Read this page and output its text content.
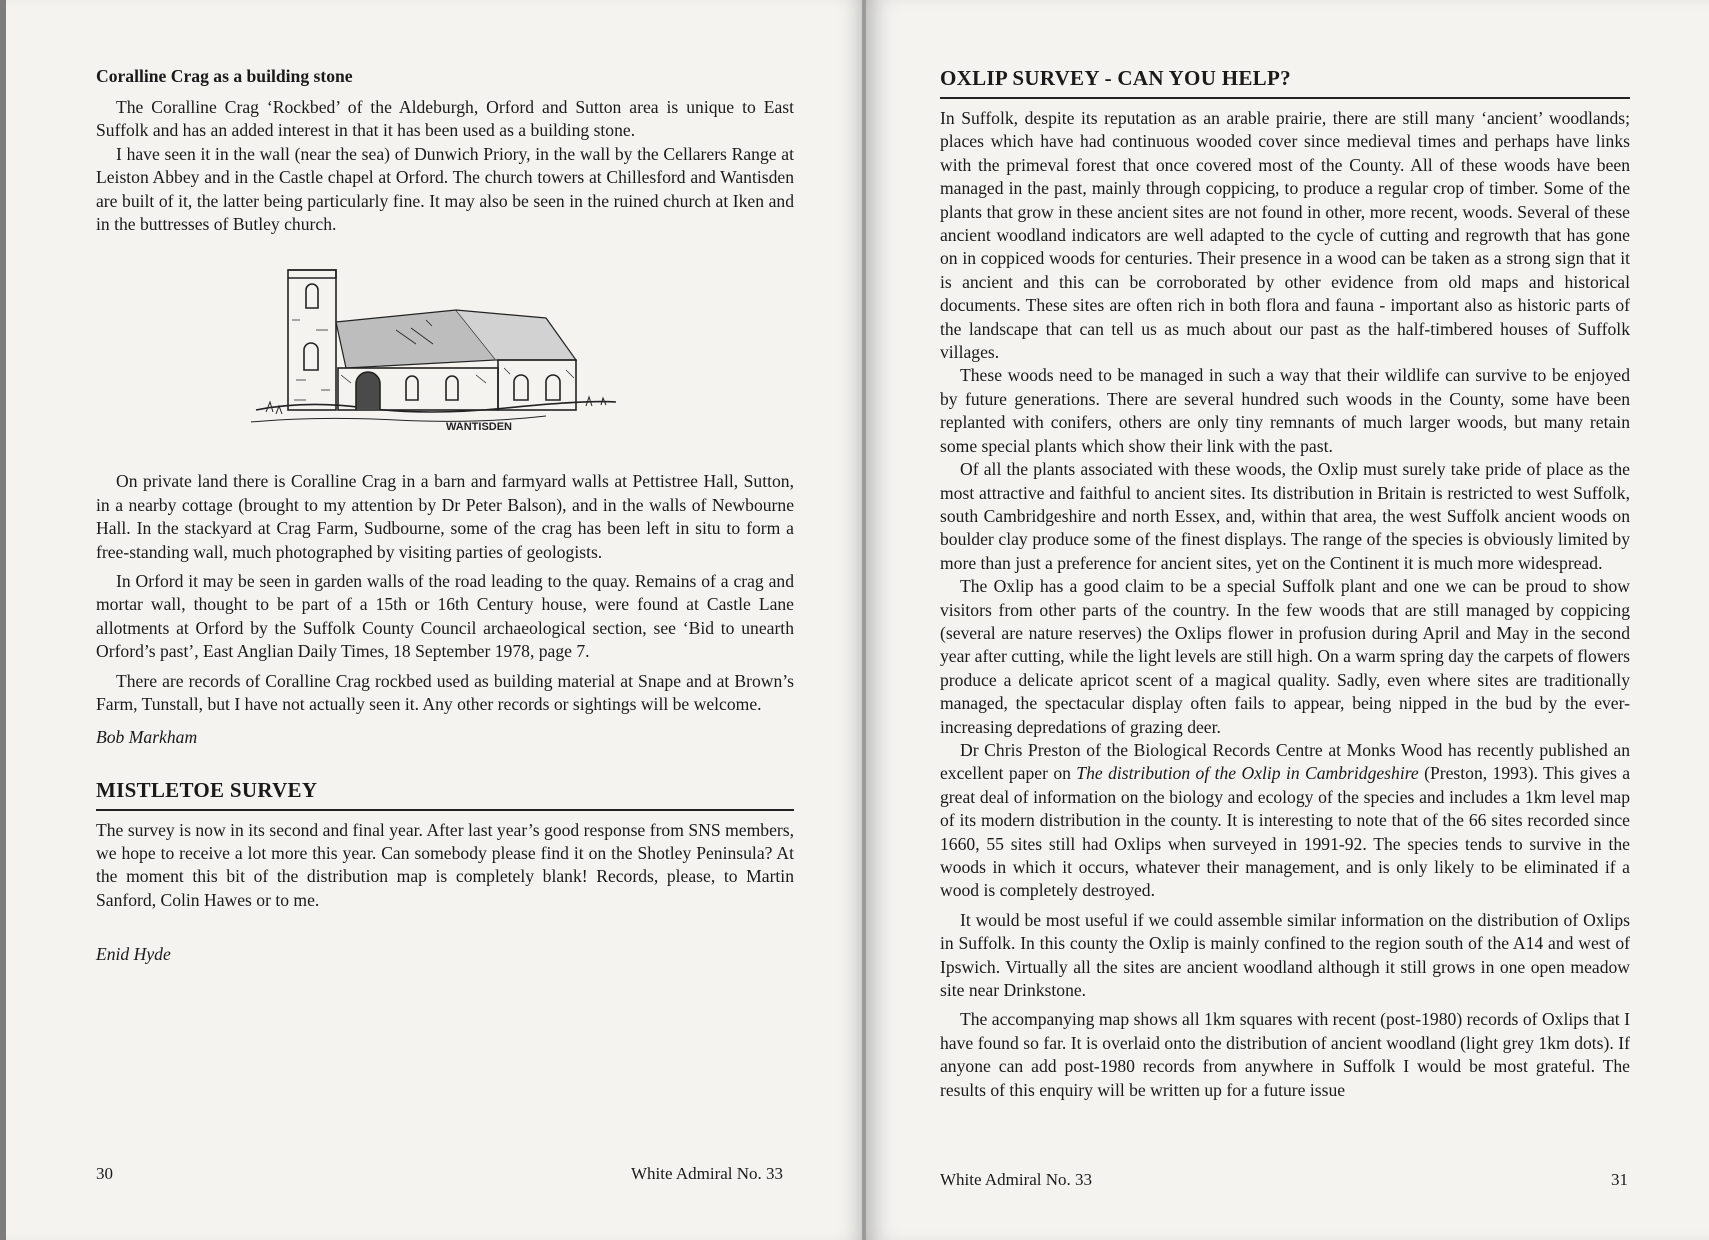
Coralline Crag as a building stone

The Coralline Crag ‘Rockbed’ of the Aldeburgh, Orford and Sutton area is unique to East Suffolk and has an added interest in that it has been used as a building stone.

I have seen it in the wall (near the sea) of Dunwich Priory, in the wall by the Cellarers Range at Leiston Abbey and in the Castle chapel at Orford. The church towers at Chillesford and Wantisden are built of it, the latter being particularly fine. It may also be seen in the ruined church at Iken and in the buttresses of Butley church.

WANTISDEN

On private land there is Coralline Crag in a barn and farmyard walls at Pettistree Hall, Sutton, in a nearby cottage (brought to my attention by Dr Peter Balson), and in the walls of Newbourne Hall. In the stackyard at Crag Farm, Sudbourne, some of the crag has been left in situ to form a free-standing wall, much photographed by visiting parties of geologists.

In Orford it may be seen in garden walls of the road leading to the quay. Remains of a crag and mortar wall, thought to be part of a 15th or 16th Century house, were found at Castle Lane allotments at Orford by the Suffolk County Council archaeological section, see ‘Bid to unearth Orford’s past’, East Anglian Daily Times, 18 September 1978, page 7.

There are records of Coralline Crag rockbed used as building material at Snape and at Brown’s Farm, Tunstall, but I have not actually seen it. Any other records or sightings will be welcome.

Bob Markham
MISTLETOE SURVEY

The survey is now in its second and final year. After last year’s good response from SNS members, we hope to receive a lot more this year. Can somebody please find it on the Shotley Peninsula? At the moment this bit of the distribution map is completely blank! Records, please, to Martin Sanford, Colin Hawes or to me.

Enid Hyde
30	White Admiral No. 33
OXLIP SURVEY - CAN YOU HELP?

In Suffolk, despite its reputation as an arable prairie, there are still many ‘ancient’ woodlands; places which have had continuous wooded cover since medieval times and perhaps have links with the primeval forest that once covered most of the County. All of these woods have been managed in the past, mainly through coppicing, to produce a regular crop of timber. Some of the plants that grow in these ancient sites are not found in other, more recent, woods. Several of these ancient woodland indicators are well adapted to the cycle of cutting and regrowth that has gone on in coppiced woods for centuries. Their presence in a wood can be taken as a strong sign that it is ancient and this can be corroborated by other evidence from old maps and historical documents. These sites are often rich in both flora and fauna - important also as historic parts of the landscape that can tell us as much about our past as the half-timbered houses of Suffolk villages.

These woods need to be managed in such a way that their wildlife can survive to be enjoyed by future generations. There are several hundred such woods in the County, some have been replanted with conifers, others are only tiny remnants of much larger woods, but many retain some special plants which show their link with the past.

Of all the plants associated with these woods, the Oxlip must surely take pride of place as the most attractive and faithful to ancient sites. Its distribution in Britain is restricted to west Suffolk, south Cambridgeshire and north Essex, and, within that area, the west Suffolk ancient woods on boulder clay produce some of the finest displays. The range of the species is obviously limited by more than just a preference for ancient sites, yet on the Continent it is much more widespread.

The Oxlip has a good claim to be a special Suffolk plant and one we can be proud to show visitors from other parts of the country. In the few woods that are still managed by coppicing (several are nature reserves) the Oxlips flower in profusion during April and May in the second year after cutting, while the light levels are still high. On a warm spring day the carpets of flowers produce a delicate apricot scent of a magical quality. Sadly, even where sites are traditionally managed, the spectacular display often fails to appear, being nipped in the bud by the ever-increasing depredations of grazing deer.

Dr Chris Preston of the Biological Records Centre at Monks Wood has recently published an excellent paper on The distribution of the Oxlip in Cambridgeshire (Preston, 1993). This gives a great deal of information on the biology and ecology of the species and includes a 1km level map of its modern distribution in the county. It is interesting to note that of the 66 sites recorded since 1660, 55 sites still had Oxlips when surveyed in 1991-92. The species tends to survive in the woods in which it occurs, whatever their management, and is only likely to be eliminated if a wood is completely destroyed.

It would be most useful if we could assemble similar information on the distribution of Oxlips in Suffolk. In this county the Oxlip is mainly confined to the region south of the A14 and west of Ipswich. Virtually all the sites are ancient woodland although it still grows in one open meadow site near Drinkstone.

The accompanying map shows all 1km squares with recent (post-1980) records of Oxlips that I have found so far. It is overlaid onto the distribution of ancient woodland (light grey 1km dots). If anyone can add post-1980 records from anywhere in Suffolk I would be most grateful. The results of this enquiry will be written up for a future issue

White Admiral No. 33	31
